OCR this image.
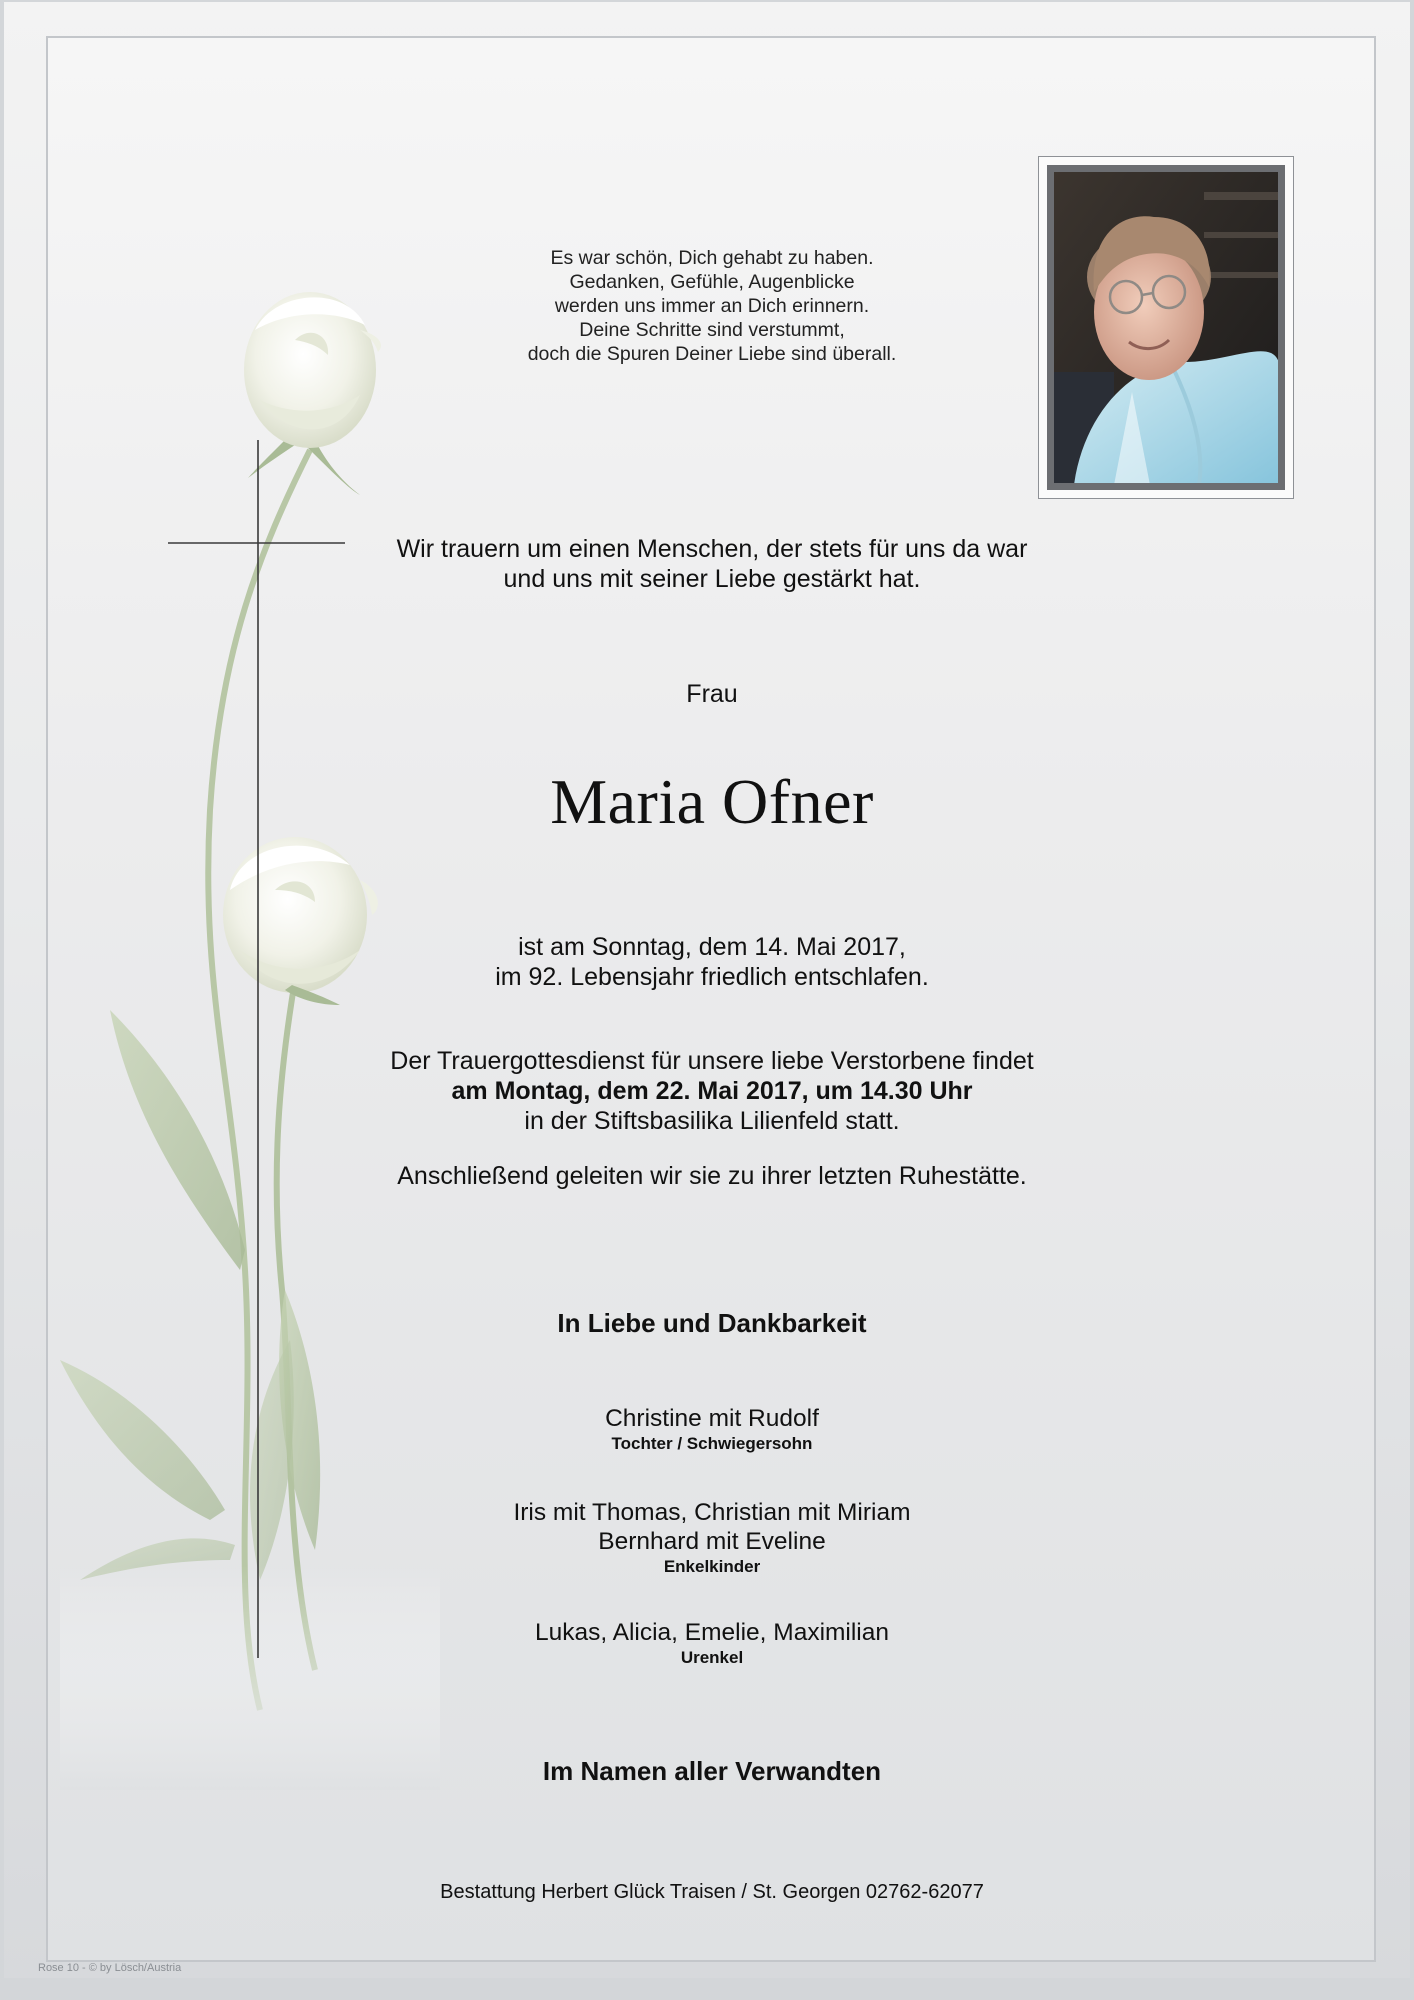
Es war schön, Dich gehabt zu haben.
Gedanken, Gefühle, Augenblicke
werden uns immer an Dich erinnern.
Deine Schritte sind verstummt,
doch die Spuren Deiner Liebe sind überall.
Wir trauern um einen Menschen, der stets für uns da war
und uns mit seiner Liebe gestärkt hat.
Frau
Maria Ofner
ist am Sonntag, dem 14. Mai 2017,
im 92. Lebensjahr friedlich entschlafen.
Der Trauergottesdienst für unsere liebe Verstorbene findet
am Montag, dem 22. Mai 2017, um 14.30 Uhr
in der Stiftsbasilika Lilienfeld statt.
Anschließend geleiten wir sie zu ihrer letzten Ruhestätte.
In Liebe und Dankbarkeit
Christine mit Rudolf
Tochter / Schwiegersohn
Iris mit Thomas, Christian mit Miriam
Bernhard mit Eveline
Enkelkinder
Lukas, Alicia, Emelie, Maximilian
Urenkel
Im Namen aller Verwandten
Bestattung Herbert Glück Traisen / St. Georgen 02762-62077
Rose 10 - © by Lösch/Austria
